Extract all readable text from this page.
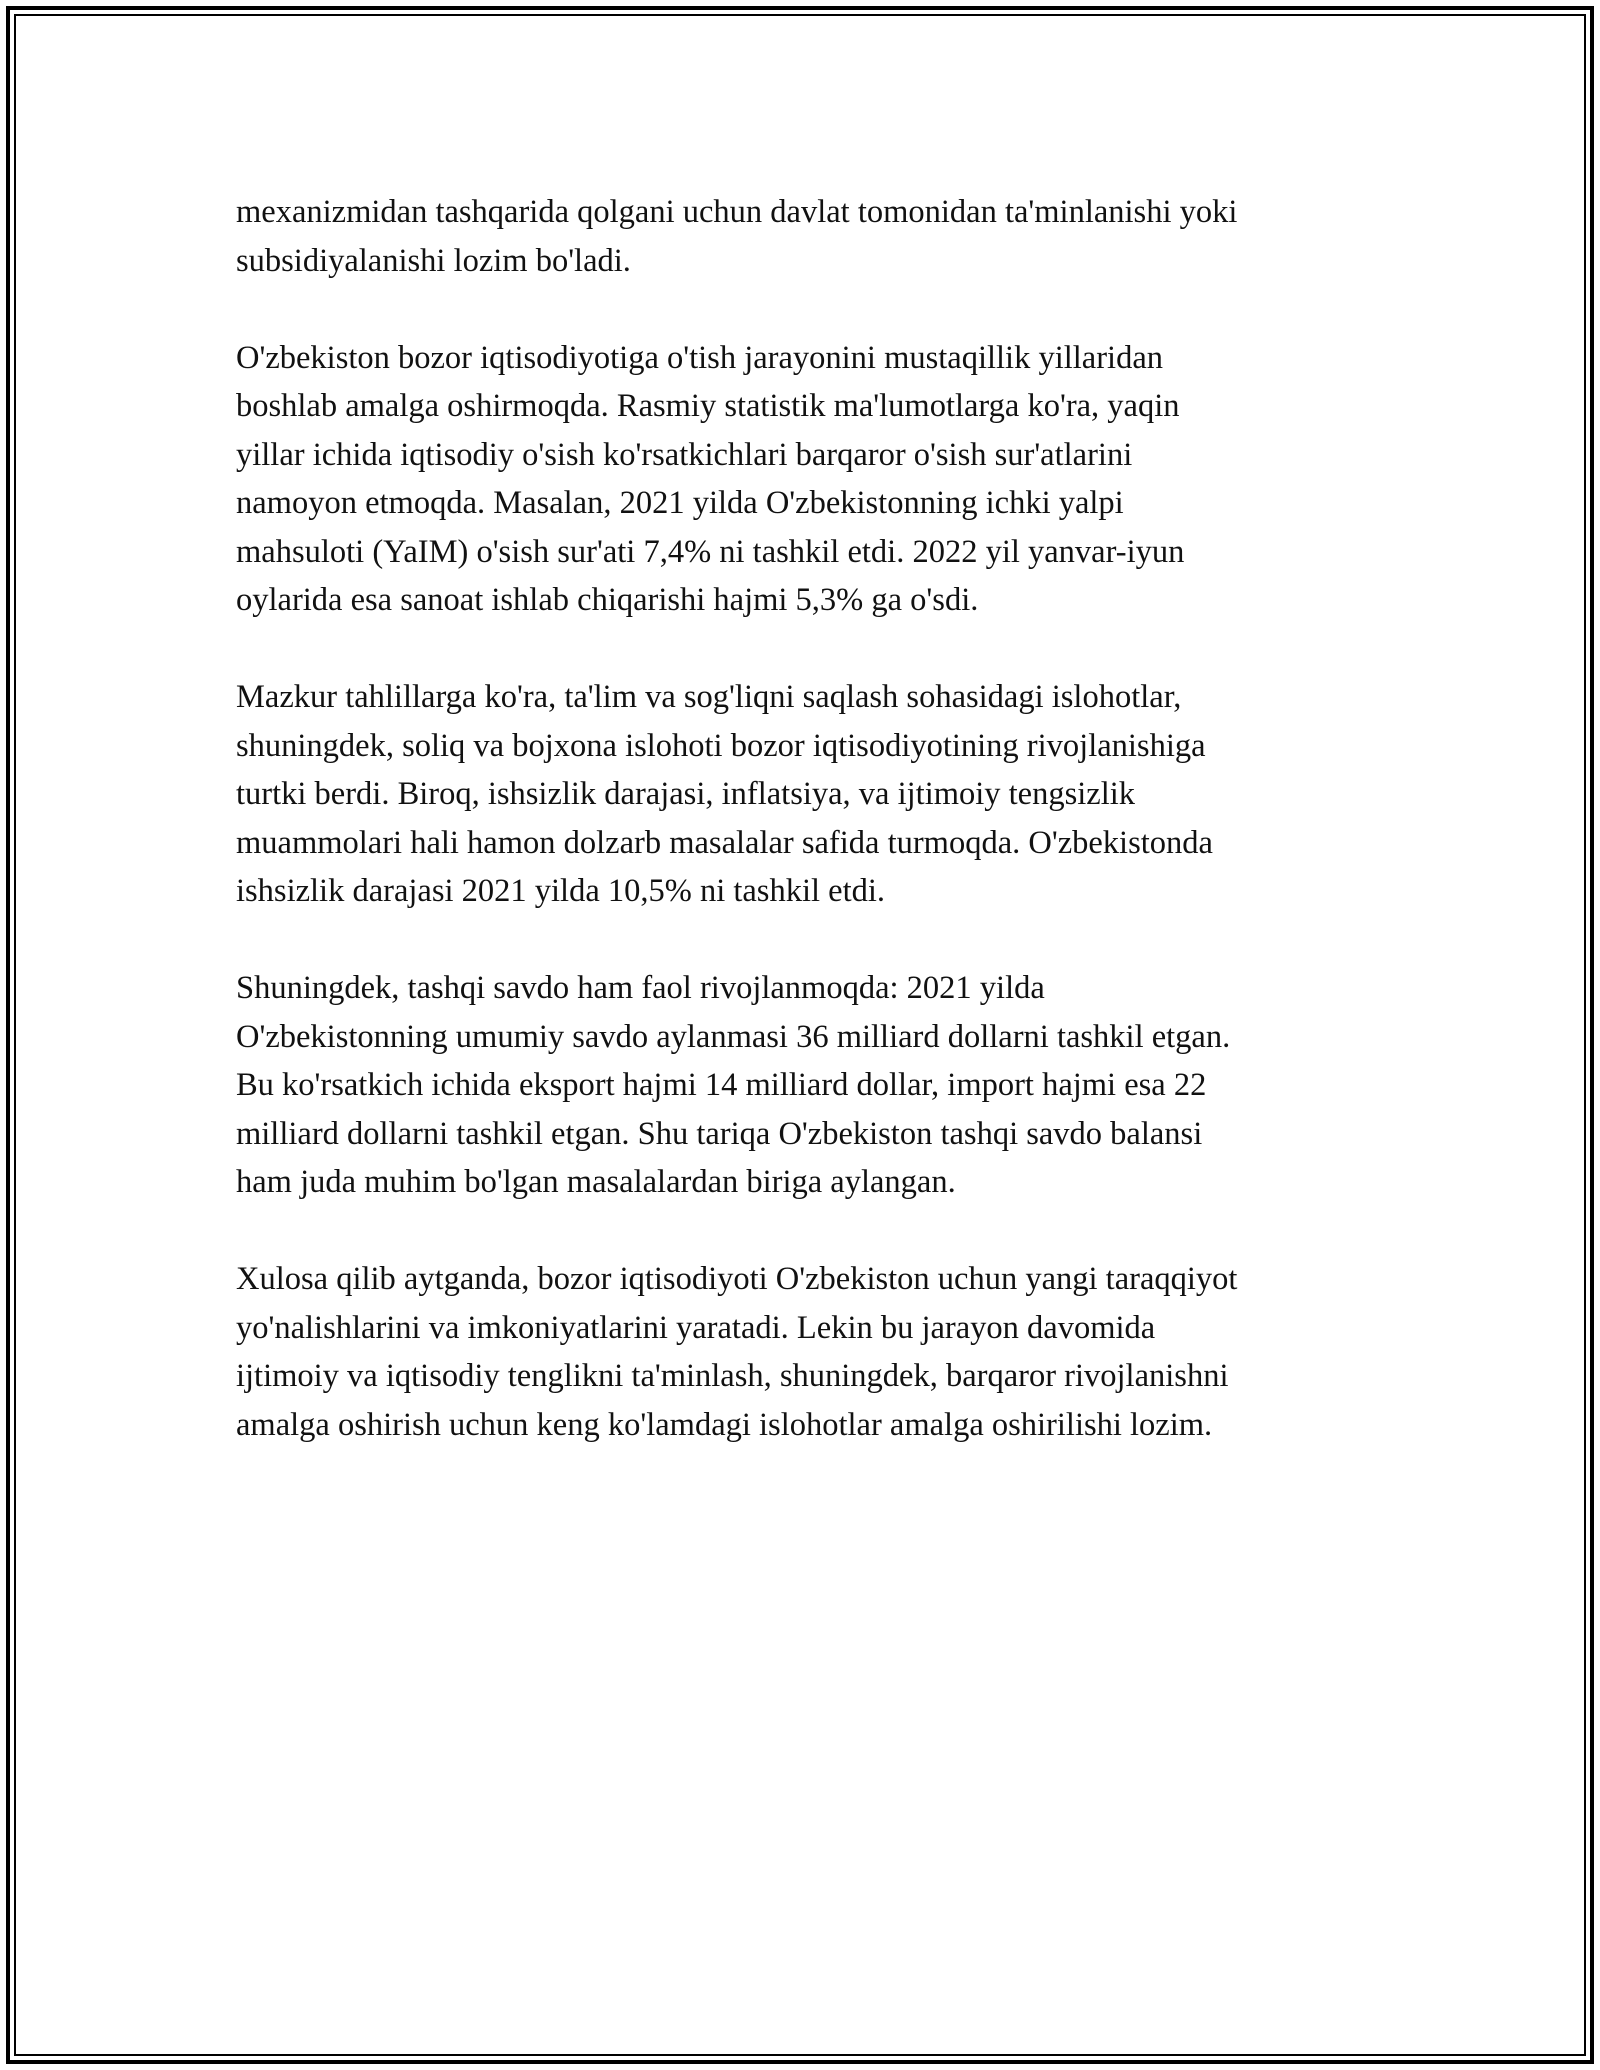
mexanizmidan tashqarida qolgani uchun davlat tomonidan ta'minlanishi yoki
subsidiyalanishi lozim bo'ladi.

O'zbekiston bozor iqtisodiyotiga o'tish jarayonini mustaqillik yillaridan
boshlab amalga oshirmoqda. Rasmiy statistik ma'lumotlarga ko'ra, yaqin
yillar ichida iqtisodiy o'sish ko'rsatkichlari barqaror o'sish sur'atlarini
namoyon etmoqda. Masalan, 2021 yilda O'zbekistonning ichki yalpi
mahsuloti (YaIM) o'sish sur'ati 7,4% ni tashkil etdi. 2022 yil yanvar-iyun
oylarida esa sanoat ishlab chiqarishi hajmi 5,3% ga o'sdi.

Mazkur tahlillarga ko'ra, ta'lim va sog'liqni saqlash sohasidagi islohotlar,
shuningdek, soliq va bojxona islohoti bozor iqtisodiyotining rivojlanishiga
turtki berdi. Biroq, ishsizlik darajasi, inflatsiya, va ijtimoiy tengsizlik
muammolari hali hamon dolzarb masalalar safida turmoqda. O'zbekistonda
ishsizlik darajasi 2021 yilda 10,5% ni tashkil etdi.

Shuningdek, tashqi savdo ham faol rivojlanmoqda: 2021 yilda
O'zbekistonning umumiy savdo aylanmasi 36 milliard dollarni tashkil etgan.
Bu ko'rsatkich ichida eksport hajmi 14 milliard dollar, import hajmi esa 22
milliard dollarni tashkil etgan. Shu tariqa O'zbekiston tashqi savdo balansi
ham juda muhim bo'lgan masalalardan biriga aylangan.

Xulosa qilib aytganda, bozor iqtisodiyoti O'zbekiston uchun yangi taraqqiyot
yo'nalishlarini va imkoniyatlarini yaratadi. Lekin bu jarayon davomida
ijtimoiy va iqtisodiy tenglikni ta'minlash, shuningdek, barqaror rivojlanishni
amalga oshirish uchun keng ko'lamdagi islohotlar amalga oshirilishi lozim.
